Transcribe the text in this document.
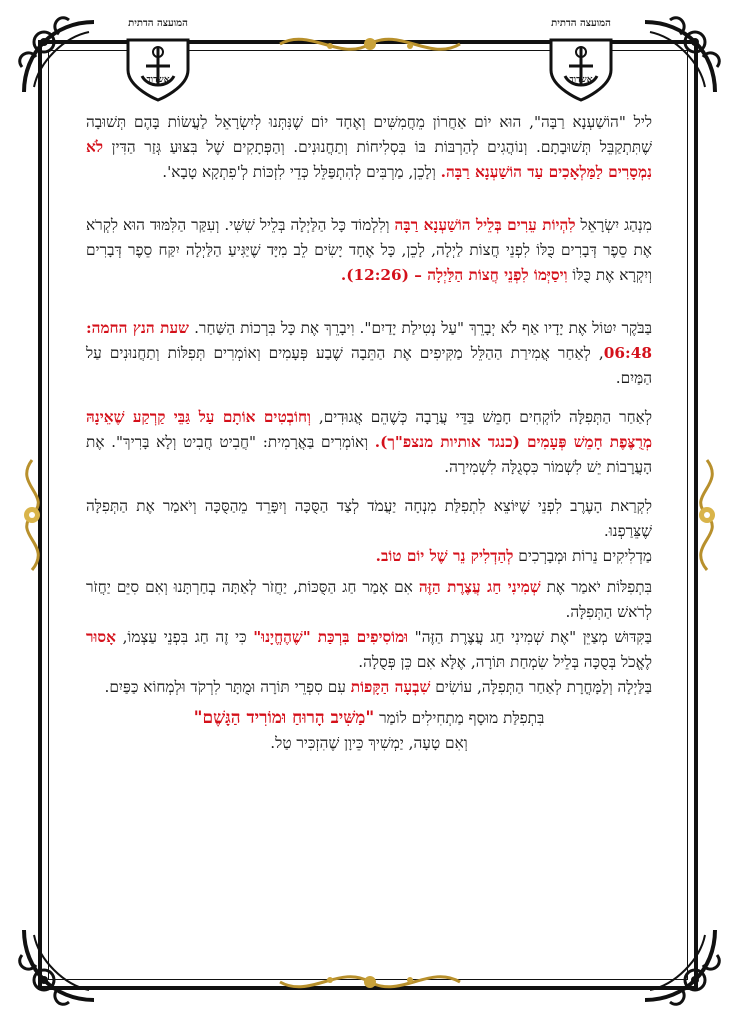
המועצה הדתית
אשדוד
המועצה הדתית
אשדוד

ליל "הוֹשַׁעְנָא רַבָּה", הוּא יוֹם אַחֲרוֹן מֵחֲמִשִּׁים וְאֶחָד יוֹם שֶׁנִּתְּנוּ לְיִשְׂרָאֵל לַעֲשׂוֹת בָּהֶם תְּשׁוּבָה שֶׁתִּתְקַבֵּל תְּשׁוּבָתָם. וְנוֹהֲגִים לְהַרְבּוֹת בּוֹ בִּסְלִיחוֹת וְתַחֲנוּנִים. וְהַפְּתָקִים שֶׁל בִּצּוּעַ גְּזַר הַדִּין לֹא נִמְסָרִים לַמַּלְאָכִים עַד הוֹשַׁעְנָא רַבָּה. וְלָכֵן, מַרְבִּים לְהִתְפַּלֵּל כְּדֵי לִזְכּוֹת לְ'פִתְקָא טָבָא'.

מִנְהַג יִשְׂרָאֵל לִהְיוֹת עֵרִים בְּלֵיל הוֹשַׁעְנָא רַבָּה וְלִלְמוֹד כָּל הַלַּיְלָה בְּלֵיל שִׁשִּׁי. וְעִקַּר הַלִּמּוּד הוּא לִקְרֹא אֶת סֵפֶר דְּבָרִים כֻּלּוֹ לִפְנֵי חֲצוֹת לַיְלָה, לָכֵן, כָּל אֶחָד יָשִׂים לֵב מִיָּד שֶׁיַּגִּיעַ הַלַּיְלָה יִקַּח סֵפֶר דְּבָרִים וְיִקְרָא אֶת כֻּלּוֹ וִיסַיְּמוֹ לִפְנֵי חֲצוֹת הַלַּיְלָה – (12:26).

בַּבֹּקֶר יִטּוֹל אֶת יָדָיו אַף לֹא יְבָרֵךְ "עַל נְטִילַת יָדַיִם". וִיבָרֵךְ אֶת כָּל בִּרְכוֹת הַשַּׁחַר. שעת הנץ החמה: 06:48, לְאַחַר אֲמִירַת הַהַלֵּל מַקִּיפִים אֶת הַתֵּבָה שֶׁבַע פְּעָמִים וְאוֹמְרִים תְּפִלּוֹת וְתַחֲנוּנִים עַל הַמַּיִם.

לְאַחַר הַתְּפִלָּה לוֹקְחִים חָמֵשׁ בַּדֵּי עֲרָבָה כְּשֶׁהֵם אֲגוּדִים, וְחוֹבְטִים אוֹתָם עַל גַּבֵּי קַרְקַע שֶׁאֵינָהּ מְרֻצֶּפֶת חָמֵשׁ פְּעָמִים (כנגד אותיות מנצפ"ך). וְאוֹמְרִים בַּאֲרָמִית: "חֲבִיט חֲבִיט וְלָא בָּרִיךְ". אֶת הָעֲרָבוֹת יֵשׁ לִשְׁמוֹר כִּסְגֻלָּה לִשְׁמִירָה.

לִקְרַאת הָעֶרֶב לִפְנֵי שֶׁיּוֹצֵא לִתְפִלַּת מִנְחָה יַעֲמֹד לְצַד הַסֻּכָּה וְיִפָּרֵד מֵהַסֻּכָּה וְיֹאמַר אֶת הַתְּפִלָּה שֶׁצֵּרַפְנוּ.

מַדְלִיקִים נֵרוֹת וּמְבָרְכִים לְהַדְלִיק נֵר שֶׁל יוֹם טוֹב.

בִּתְפִלּוֹת יֹאמַר אֶת שְׁמִינִי חַג עֲצֶרֶת הַזֶּה אִם אָמַר חַג הַסֻּכּוֹת, יַחֲזֹר לְאַתָּה בְחַרְתָּנוּ וְאִם סִיֵּם יַחֲזֹר לְרֹאשׁ הַתְּפִלָּה.

בַּקִּדּוּשׁ מְצַיֵּן "אֶת שְׁמִינִי חַג עֲצֶרֶת הַזֶּה" וּמוֹסִיפִים בִּרְכַּת "שֶׁהֶחֱיָנוּ" כִּי זֶה חַג בִּפְנֵי עַצְמוֹ, אָסוּר לֶאֱכֹל בְּסֻכָּה בְּלֵיל שִׂמְחַת תּוֹרָה, אֶלָּא אִם כֵּן פְּסֻלָה.

בַּלַּיְלָה וְלַמָּחֳרָת לְאַחַר הַתְּפִלָּה, עוֹשִׂים שִׁבְעָה הַקָּפוֹת עִם סִפְרֵי תּוֹרָה וּמֻתָּר לִרְקֹד וּלְמְחוֹא כַּפַּיִם.

בִּתְפִלַּת מוּסָף מַתְחִילִים לוֹמַר "מַשִּׁיב הָרוּחַ וּמוֹרִיד הַגָּשֶׁם"
וְאִם טָעָה, יַמְשִׁיךְ כֵּיוָן שֶׁהִזְכִּיר טַל.
